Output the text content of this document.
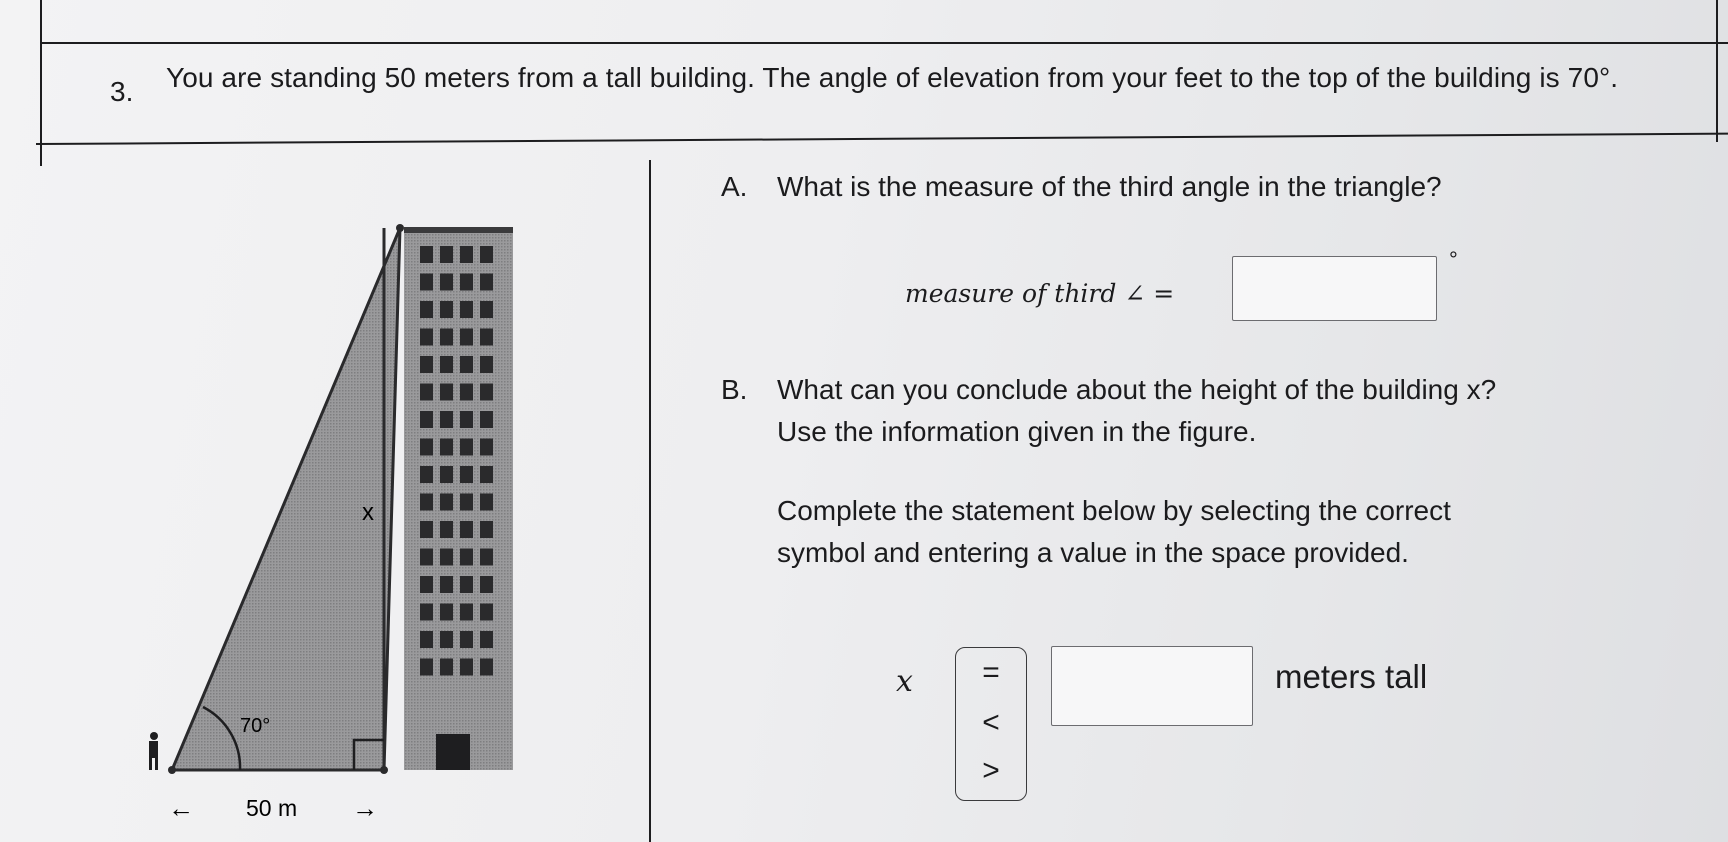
3. You are standing 50 meters from a tall building. The angle of elevation from your feet to the top of the building is 70°.
70°
x
← 50 m →
A. What is the measure of the third angle in the triangle?
measure of third ∠ =
°
B. What can you conclude about the height of the building x?
Use the information given in the figure.
Complete the statement below by selecting the correct
symbol and entering a value in the space provided.
x	=
<
>
meters tall
